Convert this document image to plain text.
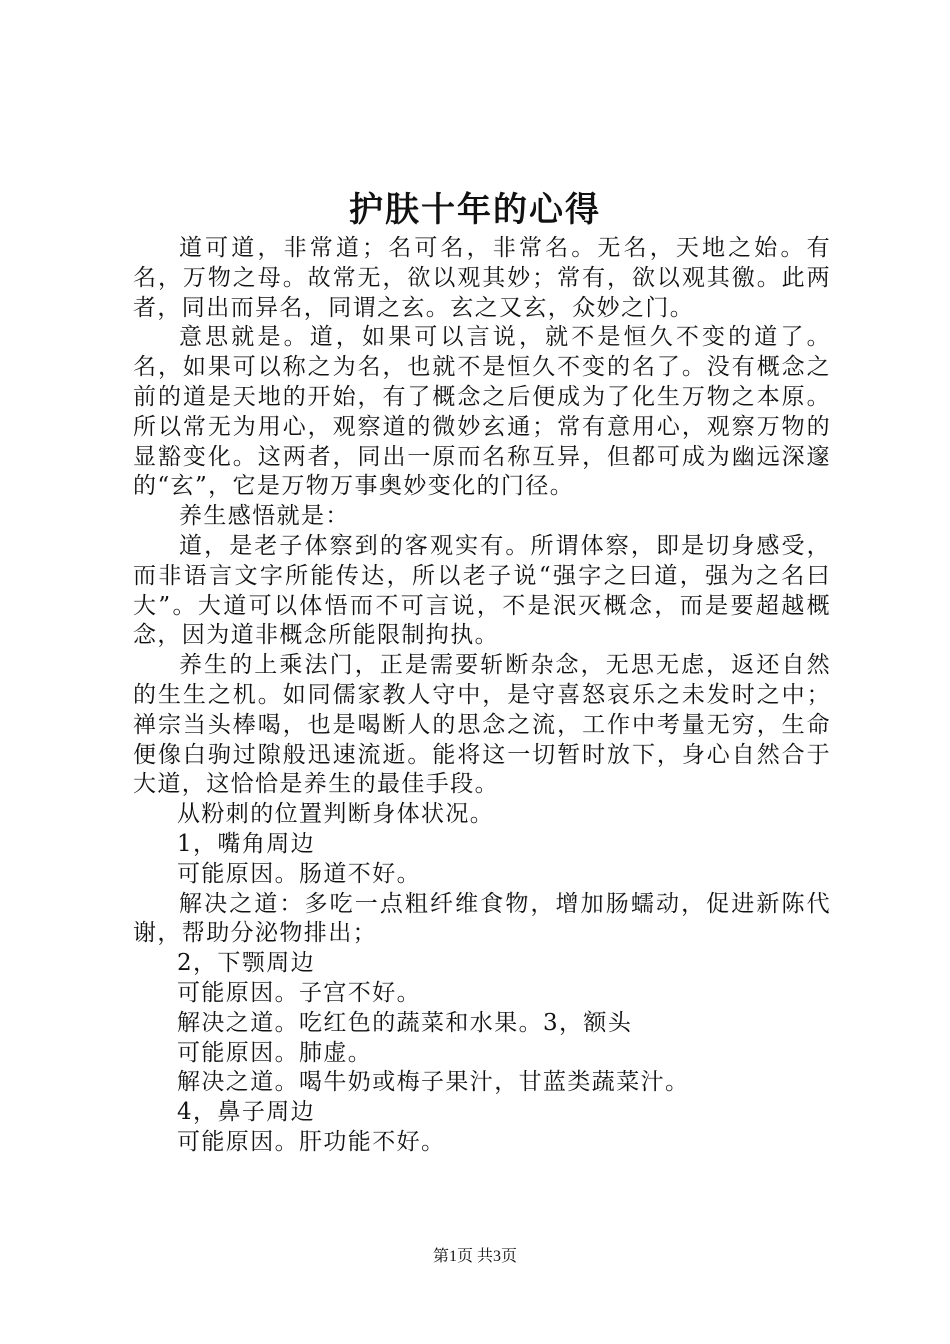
护肤十年的心得

道可道，非常道；名可名，非常名。无名，天地之始。有名，万物之母。故常无，欲以观其妙；常有，欲以观其徼。此两者，同出而异名，同谓之玄。玄之又玄，众妙之门。

意思就是。道，如果可以言说，就不是恒久不变的道了。名，如果可以称之为名，也就不是恒久不变的名了。没有概念之前的道是天地的开始，有了概念之后便成为了化生万物之本原。所以常无为用心，观察道的微妙玄通；常有意用心，观察万物的显豁变化。这两者，同出一原而名称互异，但都可成为幽远深邃的“玄”，它是万物万事奥妙变化的门径。

养生感悟就是：

道，是老子体察到的客观实有。所谓体察，即是切身感受，而非语言文字所能传达，所以老子说“强字之曰道，强为之名曰大”。大道可以体悟而不可言说，不是泯灭概念，而是要超越概念，因为道非概念所能限制拘执。

养生的上乘法门，正是需要斩断杂念，无思无虑，返还自然的生生之机。如同儒家教人守中，是守喜怒哀乐之未发时之中；禅宗当头棒喝，也是喝断人的思念之流，工作中考量无穷，生命便像白驹过隙般迅速流逝。能将这一切暂时放下，身心自然合于大道，这恰恰是养生的最佳手段。

从粉刺的位置判断身体状况。

1，嘴角周边

可能原因。肠道不好。

解决之道：多吃一点粗纤维食物，增加肠蠕动，促进新陈代谢，帮助分泌物排出；

2，下颚周边

可能原因。子宫不好。

解决之道。吃红色的蔬菜和水果。3，额头

可能原因。肺虚。

解决之道。喝牛奶或梅子果汁，甘蓝类蔬菜汁。

4，鼻子周边

可能原因。肝功能不好。

第1页 共3页
